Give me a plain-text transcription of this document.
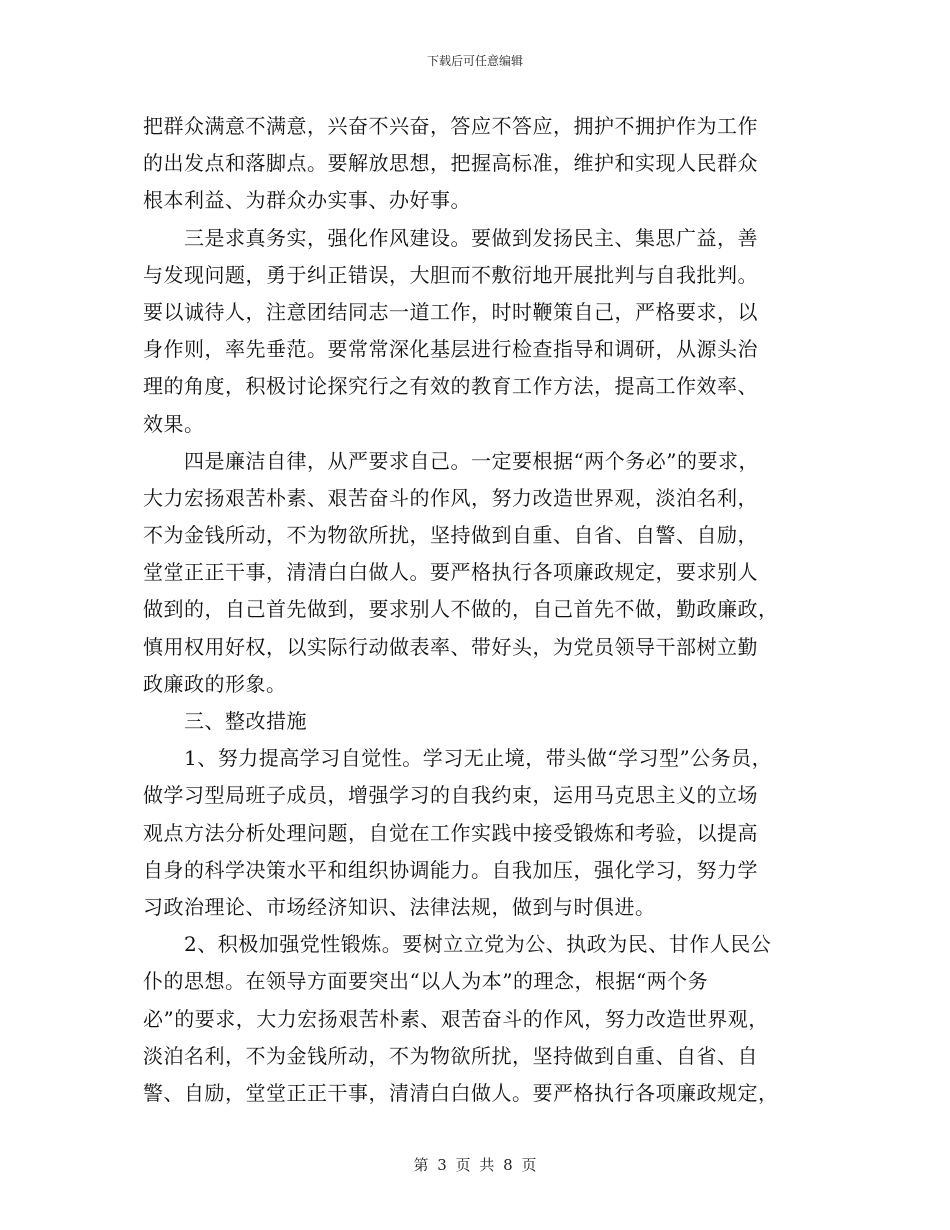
下载后可任意编辑
把群众满意不满意，兴奋不兴奋，答应不答应，拥护不拥护作为工作
的出发点和落脚点。要解放思想，把握高标准，维护和实现人民群众
根本利益、为群众办实事、办好事。
　　三是求真务实，强化作风建设。要做到发扬民主、集思广益，善
与发现问题，勇于纠正错误，大胆而不敷衍地开展批判与自我批判。
要以诚待人，注意团结同志一道工作，时时鞭策自己，严格要求，以
身作则，率先垂范。要常常深化基层进行检查指导和调研，从源头治
理的角度，积极讨论探究行之有效的教育工作方法，提高工作效率、
效果。
　　四是廉洁自律，从严要求自己。一定要根据“两个务必”的要求，
大力宏扬艰苦朴素、艰苦奋斗的作风，努力改造世界观，淡泊名利，
不为金钱所动，不为物欲所扰，坚持做到自重、自省、自警、自励，
堂堂正正干事，清清白白做人。要严格执行各项廉政规定，要求别人
做到的，自己首先做到，要求别人不做的，自己首先不做，勤政廉政，
慎用权用好权，以实际行动做表率、带好头，为党员领导干部树立勤
政廉政的形象。
　　三、整改措施
　　1、努力提高学习自觉性。学习无止境，带头做“学习型”公务员，
做学习型局班子成员，增强学习的自我约束，运用马克思主义的立场
观点方法分析处理问题，自觉在工作实践中接受锻炼和考验，以提高
自身的科学决策水平和组织协调能力。自我加压，强化学习，努力学
习政治理论、市场经济知识、法律法规，做到与时俱进。
　　2、积极加强党性锻炼。要树立立党为公、执政为民、甘作人民公
仆的思想。在领导方面要突出“以人为本”的理念，根据“两个务
必”的要求，大力宏扬艰苦朴素、艰苦奋斗的作风，努力改造世界观，
淡泊名利，不为金钱所动，不为物欲所扰，坚持做到自重、自省、自
警、自励，堂堂正正干事，清清白白做人。要严格执行各项廉政规定，
第 3 页 共 8 页
